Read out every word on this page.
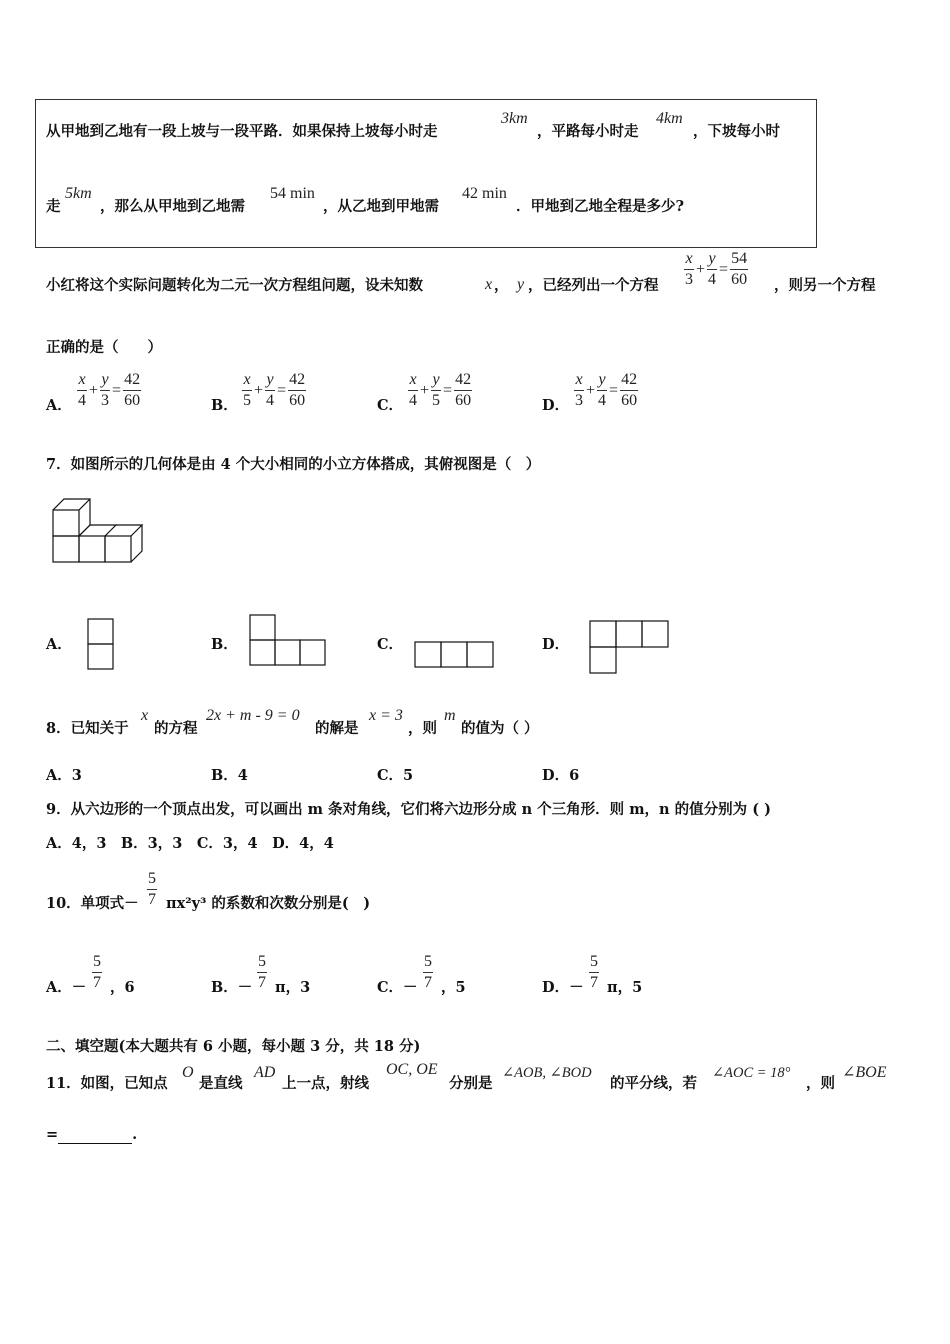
从甲地到乙地有一段上坡与一段平路．如果保持上坡每小时走
3km
，平路每小时走
4km
，下坡每小时
走
5km
，那么从甲地到乙地需
54 min
，从乙地到甲地需
42 min
．甲地到乙地全程是多少?
小红将这个实际问题转化为二元一次方程组问题，设未知数	x ， y ，已经列出一个方程 $\frac{x}{3} + \frac{y}{4} = \frac{54}{60}$ ，则另一个方程
正确的是（　　）
A． $\frac{x}{4} + \frac{y}{3} = \frac{42}{60}$	B． $\frac{x}{5} + \frac{y}{4} = \frac{42}{60}$	C． $\frac{x}{4} + \frac{y}{5} = \frac{42}{60}$	D． $\frac{x}{3} + \frac{y}{4} = \frac{42}{60}$
7．如图所示的几何体是由 4 个大小相同的小立方体搭成，其俯视图是（　）
A．	B．	C．	D．
8．已知关于
x
的方程
2x + m - 9 = 0
的解是
x = 3
，则
m
的值为（ ）
A．3	B．4	C．5	D．6
9．从六边形的一个顶点出发，可以画出 m 条对角线，它们将六边形分成 n 个三角形．则 m，n 的值分别为 ( )
A．4，3　B．3，3　C．3，4　D．4，4
10．单项式－ $\frac{5}{7} \pi x^2y^3$ 的系数和次数分别是(　)
A．－ $\frac{5}{7}$ ，6	B．－ $\frac{5}{7}$ π，3	C．－ $\frac{5}{7}$ ，5	D．－ $\frac{5}{7}$ π，5
二、填空题(本大题共有 6 小题，每小题 3 分，共 18 分)
11．如图，已知点
O
是直线
AD
上一点，射线
OC, OE
分别是
∠AOB, ∠BOD
的平分线，若
∠AOC = 18°
，则
∠BOE
=	.
